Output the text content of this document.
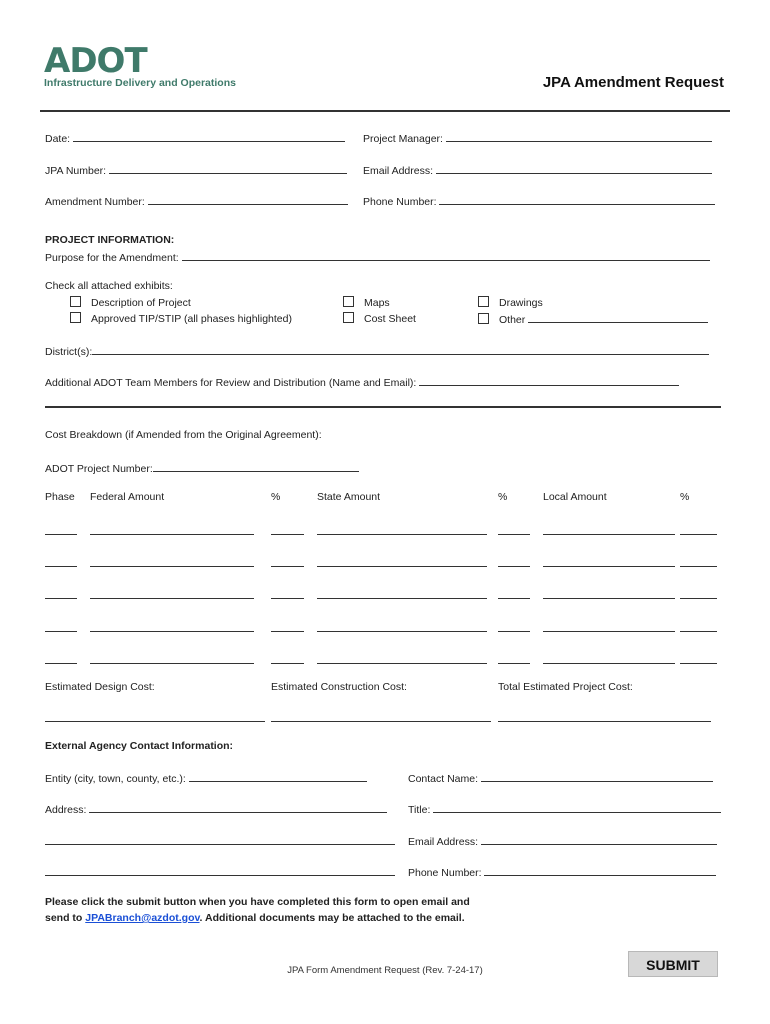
ADOT
Infrastructure Delivery and Operations	JPA Amendment Request
Date:	Project Manager:
JPA Number:	Email Address:
Amendment Number:	Phone Number:
PROJECT INFORMATION:
Purpose for the Amendment:
Check all attached exhibits:
Description of Project
Approved TIP/STIP (all phases highlighted)
Maps
Cost Sheet
Drawings
Other
District(s):
Additional ADOT Team Members for Review and Distribution (Name and Email):
Cost Breakdown (if Amended from the Original Agreement):
ADOT Project Number:
Phase Federal Amount	%	State Amount	%	Local Amount	%
Estimated Design Cost:	Estimated Construction Cost:	Total Estimated Project Cost:
External Agency Contact Information:
Entity (city, town, county, etc.):	Contact Name:
Address:	Title:
Email Address:
Phone Number:
Please click the submit button when you have completed this form to open email and
send to JPABranch@azdot.gov. Additional documents may be attached to the email.
JPA Form Amendment Request (Rev. 7-24-17)	SUBMIT
